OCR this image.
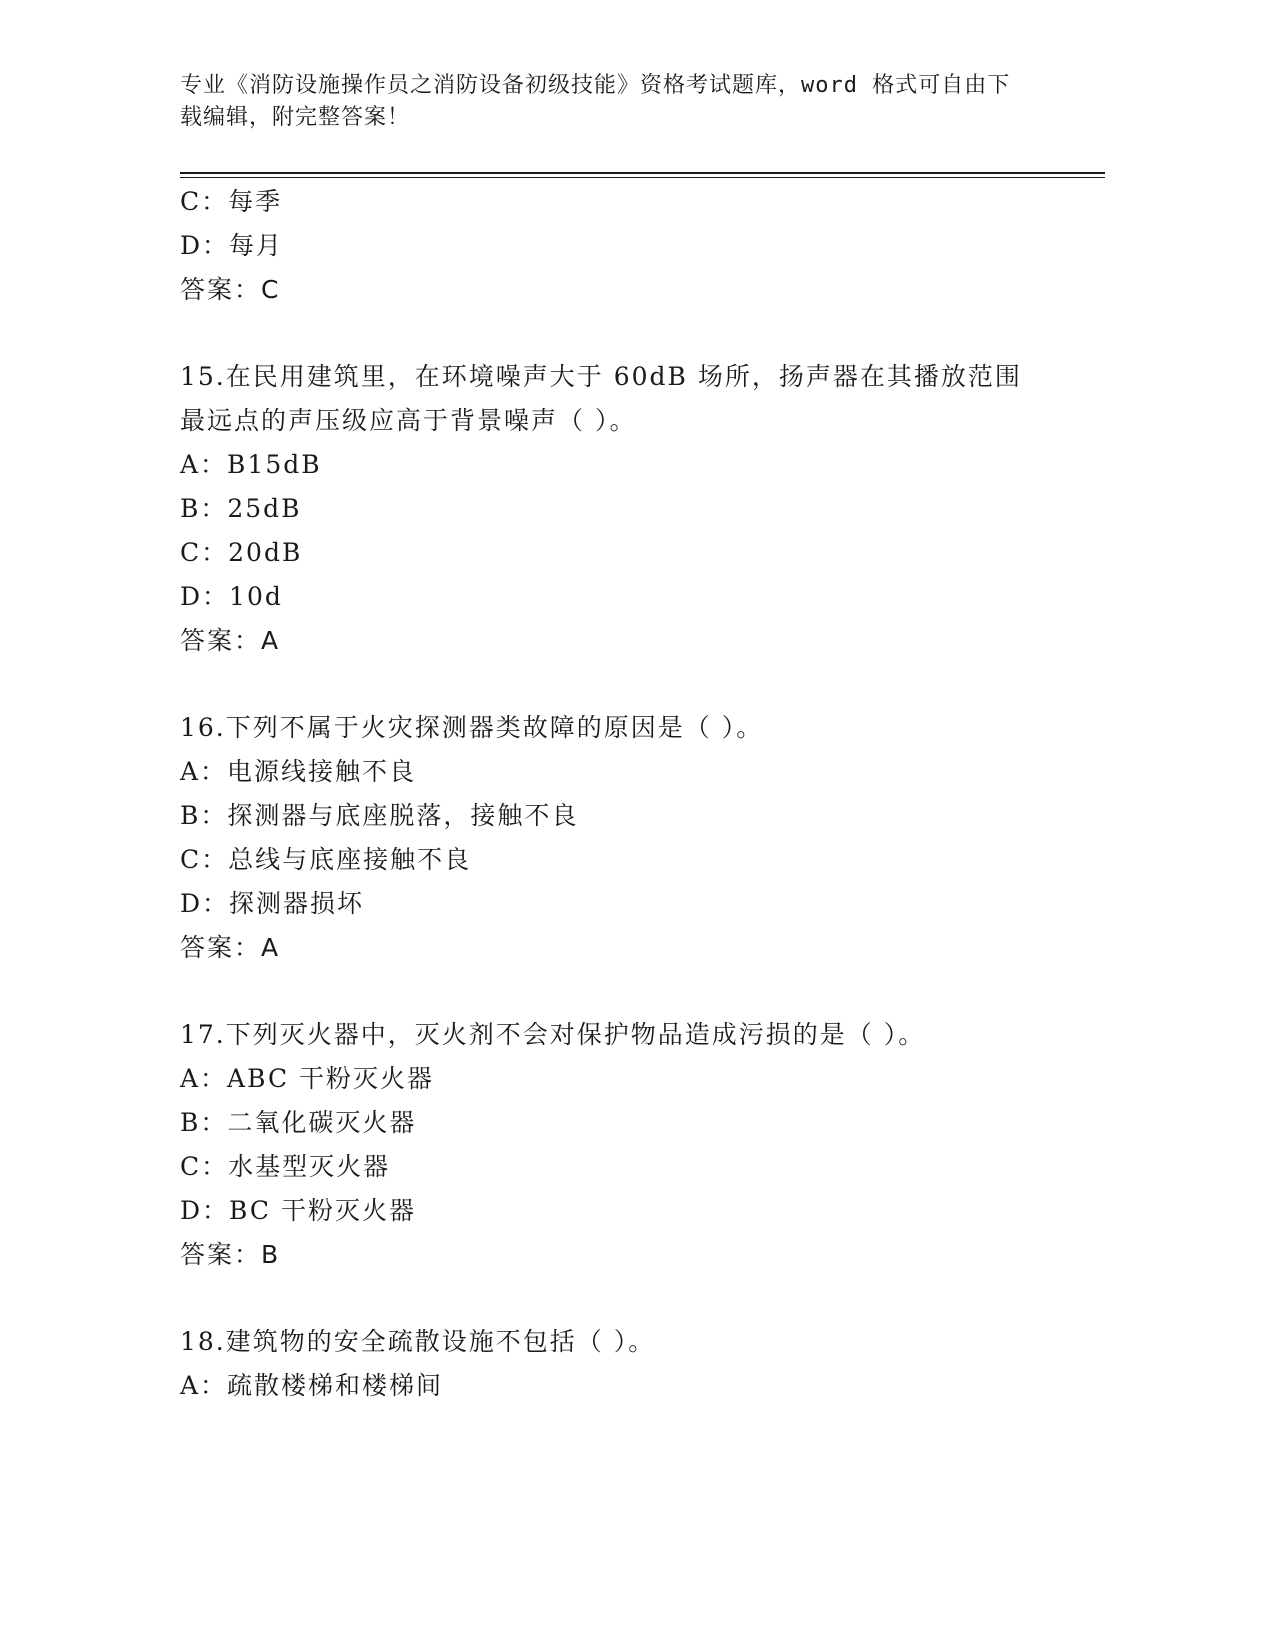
专业《消防设施操作员之消防设备初级技能》资格考试题库，word 格式可自由下
载编辑，附完整答案！
C：每季
D：每月
答案：C
15.在民用建筑里，在环境噪声大于 60dB 场所，扬声器在其播放范围
最远点的声压级应高于背景噪声（ ）。
A：B15dB
B：25dB
C：20dB
D：10d
答案：A
16.下列不属于火灾探测器类故障的原因是（ ）。
A：电源线接触不良
B：探测器与底座脱落，接触不良
C：总线与底座接触不良
D：探测器损坏
答案：A
17.下列灭火器中，灭火剂不会对保护物品造成污损的是（ ）。
A：ABC 干粉灭火器
B：二氧化碳灭火器
C：水基型灭火器
D：BC 干粉灭火器
答案：B
18.建筑物的安全疏散设施不包括（ ）。
A：疏散楼梯和楼梯间
